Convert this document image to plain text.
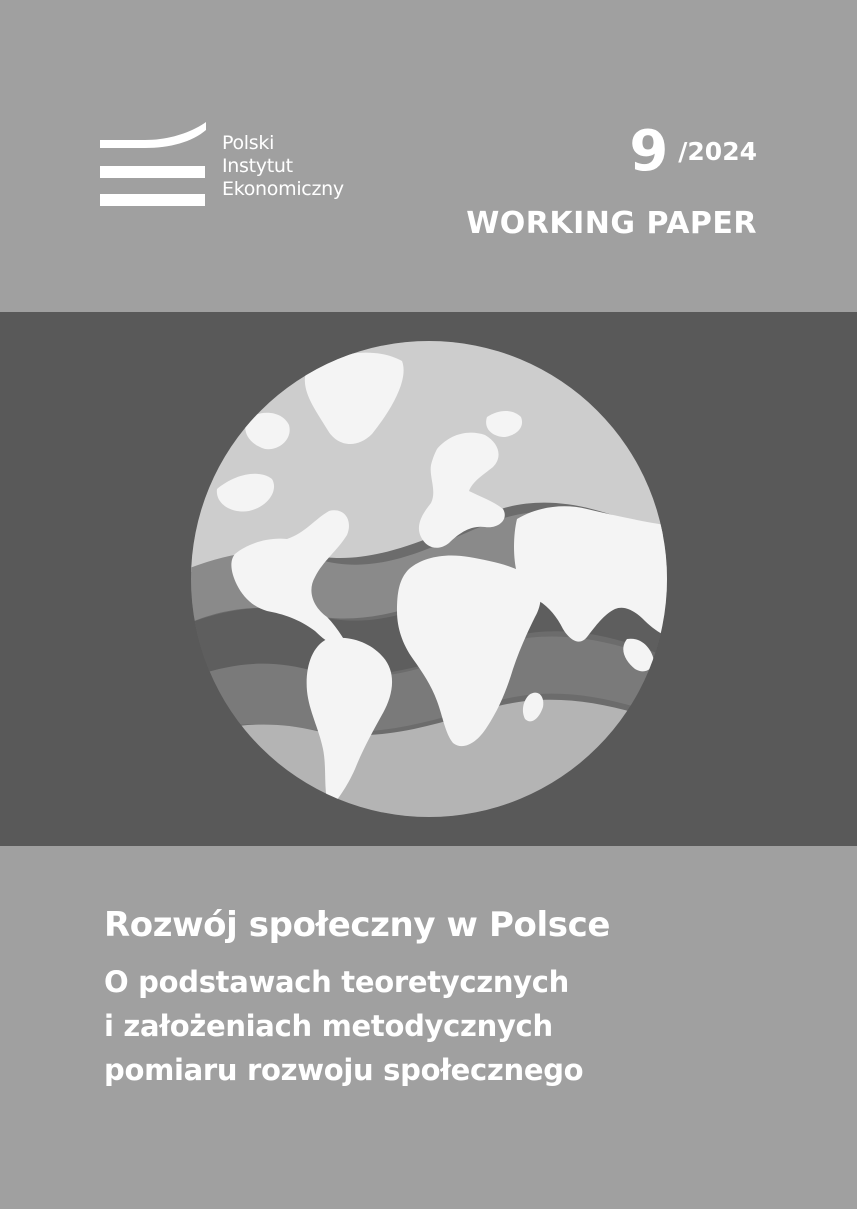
Polski
Instytut
Ekonomiczny
9 /2024
WORKING PAPER
Rozwój społeczny w Polsce
O podstawach teoretycznych
i założeniach metodycznych
pomiaru rozwoju społecznego
